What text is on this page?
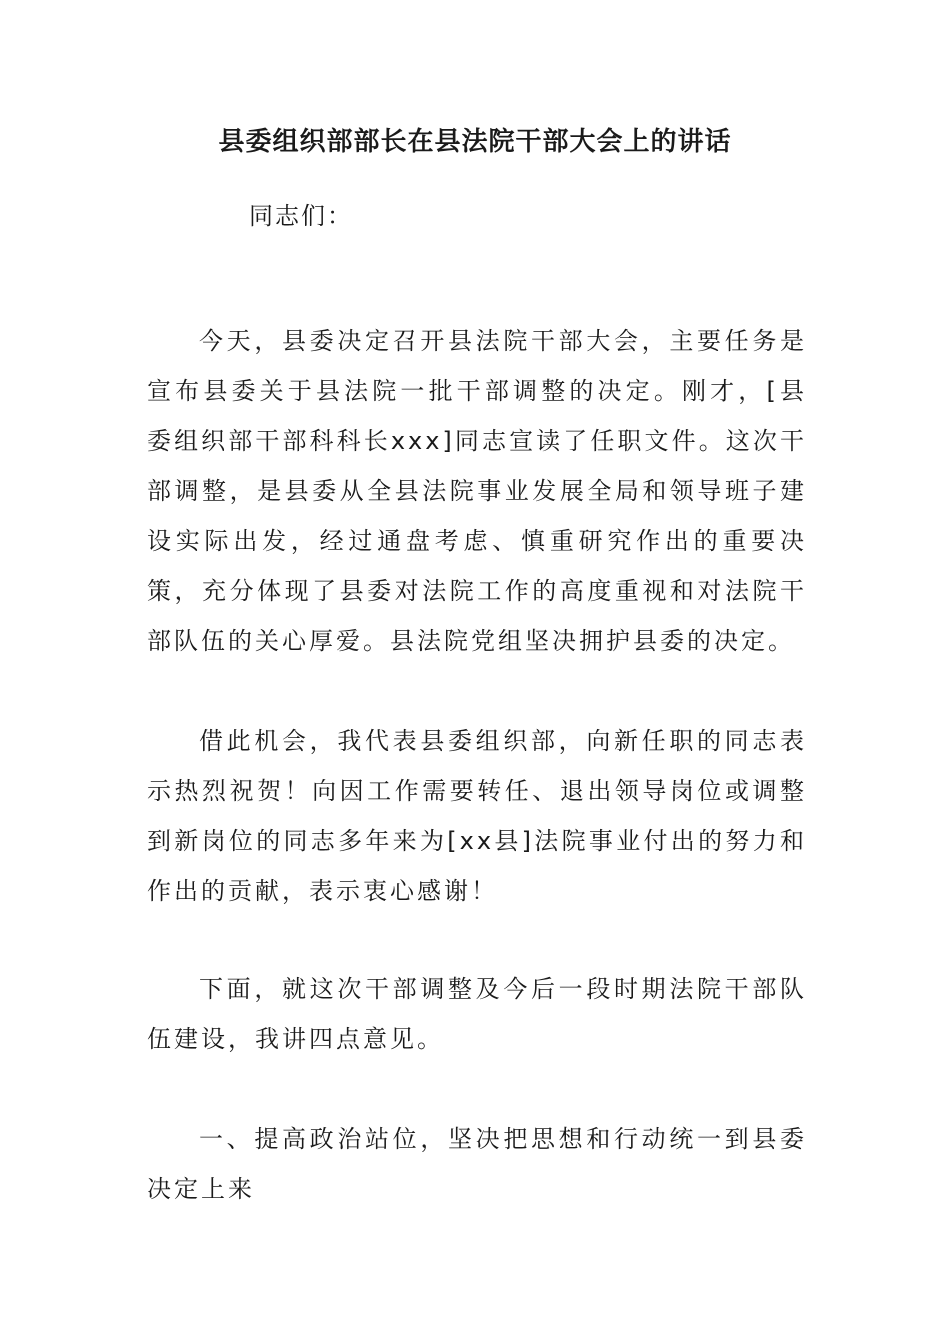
县委组织部部长在县法院干部大会上的讲话

同志们：

今天，县委决定召开县法院干部大会，主要任务是宣布县委关于县法院一批干部调整的决定。刚才，[县委组织部干部科科长xxx]同志宣读了任职文件。这次干部调整，是县委从全县法院事业发展全局和领导班子建设实际出发，经过通盘考虑、慎重研究作出的重要决策，充分体现了县委对法院工作的高度重视和对法院干部队伍的关心厚爱。县法院党组坚决拥护县委的决定。

借此机会，我代表县委组织部，向新任职的同志表示热烈祝贺！向因工作需要转任、退出领导岗位或调整到新岗位的同志多年来为[xx县]法院事业付出的努力和作出的贡献，表示衷心感谢！

下面，就这次干部调整及今后一段时期法院干部队伍建设，我讲四点意见。

一、提高政治站位，坚决把思想和行动统一到县委决定上来
